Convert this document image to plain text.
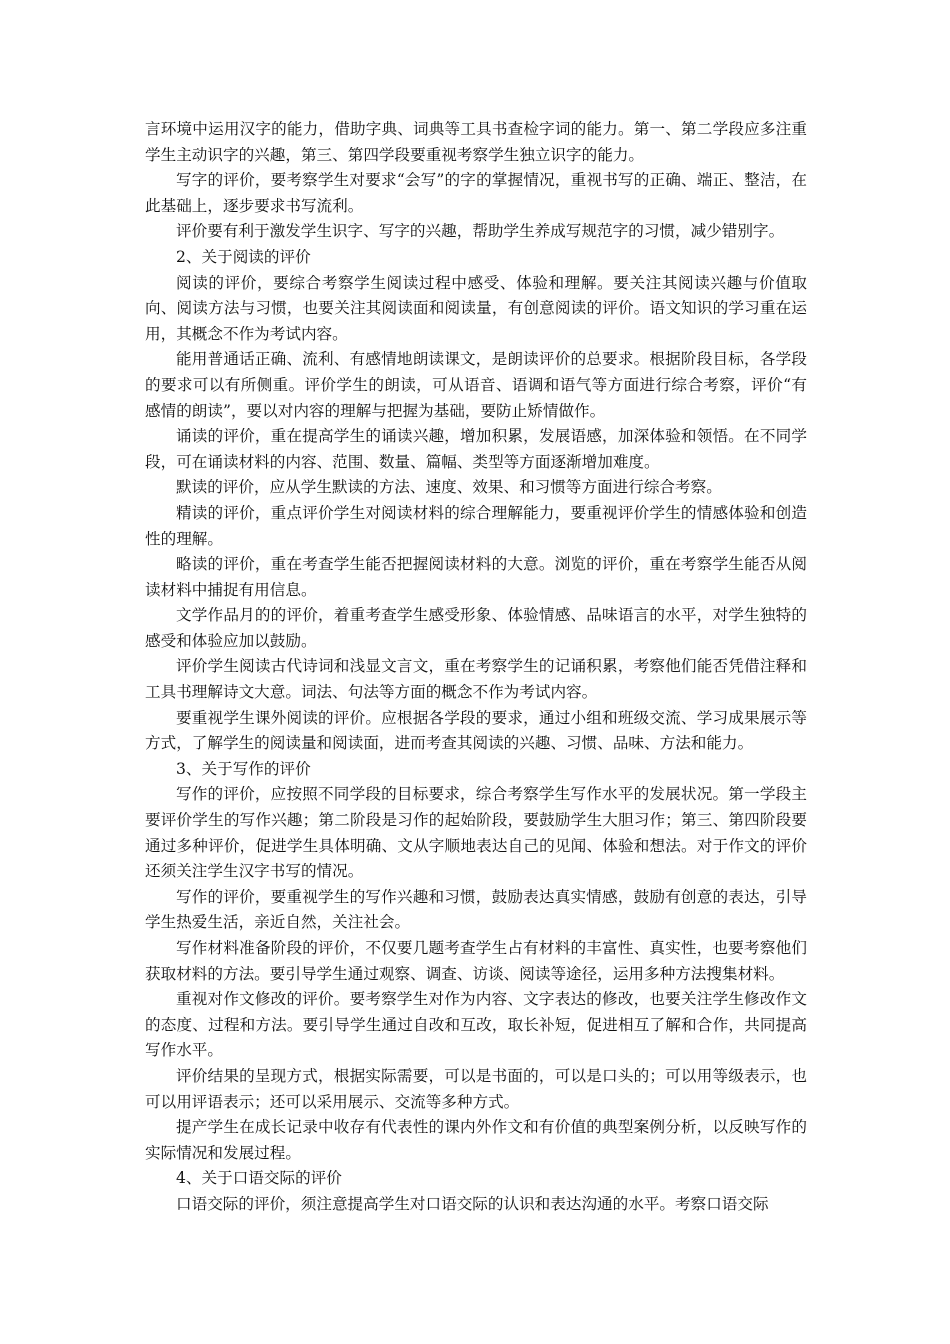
言环境中运用汉字的能力，借助字典、词典等工具书查检字词的能力。第一、第二学段应多注重学生主动识字的兴趣，第三、第四学段要重视考察学生独立识字的能力。

写字的评价，要考察学生对要求“会写”的字的掌握情况，重视书写的正确、端正、整洁，在此基础上，逐步要求书写流利。

评价要有利于激发学生识字、写字的兴趣，帮助学生养成写规范字的习惯，减少错别字。

2、关于阅读的评价

阅读的评价，要综合考察学生阅读过程中感受、体验和理解。要关注其阅读兴趣与价值取向、阅读方法与习惯，也要关注其阅读面和阅读量，有创意阅读的评价。语文知识的学习重在运用，其概念不作为考试内容。

能用普通话正确、流利、有感情地朗读课文，是朗读评价的总要求。根据阶段目标，各学段的要求可以有所侧重。评价学生的朗读，可从语音、语调和语气等方面进行综合考察，评价“有感情的朗读”，要以对内容的理解与把握为基础，要防止矫情做作。

诵读的评价，重在提高学生的诵读兴趣，增加积累，发展语感，加深体验和领悟。在不同学段，可在诵读材料的内容、范围、数量、篇幅、类型等方面逐渐增加难度。

默读的评价，应从学生默读的方法、速度、效果、和习惯等方面进行综合考察。

精读的评价，重点评价学生对阅读材料的综合理解能力，要重视评价学生的情感体验和创造性的理解。

略读的评价，重在考查学生能否把握阅读材料的大意。浏览的评价，重在考察学生能否从阅读材料中捕捉有用信息。

文学作品月的的评价，着重考查学生感受形象、体验情感、品味语言的水平，对学生独特的感受和体验应加以鼓励。

评价学生阅读古代诗词和浅显文言文，重在考察学生的记诵积累，考察他们能否凭借注释和工具书理解诗文大意。词法、句法等方面的概念不作为考试内容。

要重视学生课外阅读的评价。应根据各学段的要求，通过小组和班级交流、学习成果展示等方式，了解学生的阅读量和阅读面，进而考查其阅读的兴趣、习惯、品味、方法和能力。

3、关于写作的评价

写作的评价，应按照不同学段的目标要求，综合考察学生写作水平的发展状况。第一学段主要评价学生的写作兴趣；第二阶段是习作的起始阶段，要鼓励学生大胆习作；第三、第四阶段要通过多种评价，促进学生具体明确、文从字顺地表达自己的见闻、体验和想法。对于作文的评价还须关注学生汉字书写的情况。

写作的评价，要重视学生的写作兴趣和习惯，鼓励表达真实情感，鼓励有创意的表达，引导学生热爱生活，亲近自然，关注社会。

写作材料准备阶段的评价，不仅要几题考查学生占有材料的丰富性、真实性，也要考察他们获取材料的方法。要引导学生通过观察、调查、访谈、阅读等途径，运用多种方法搜集材料。

重视对作文修改的评价。要考察学生对作为内容、文字表达的修改，也要关注学生修改作文的态度、过程和方法。要引导学生通过自改和互改，取长补短，促进相互了解和合作，共同提高写作水平。

评价结果的呈现方式，根据实际需要，可以是书面的，可以是口头的；可以用等级表示，也可以用评语表示；还可以采用展示、交流等多种方式。

提产学生在成长记录中收存有代表性的课内外作文和有价值的典型案例分析，以反映写作的实际情况和发展过程。

4、关于口语交际的评价

口语交际的评价，须注意提高学生对口语交际的认识和表达沟通的水平。考察口语交际
